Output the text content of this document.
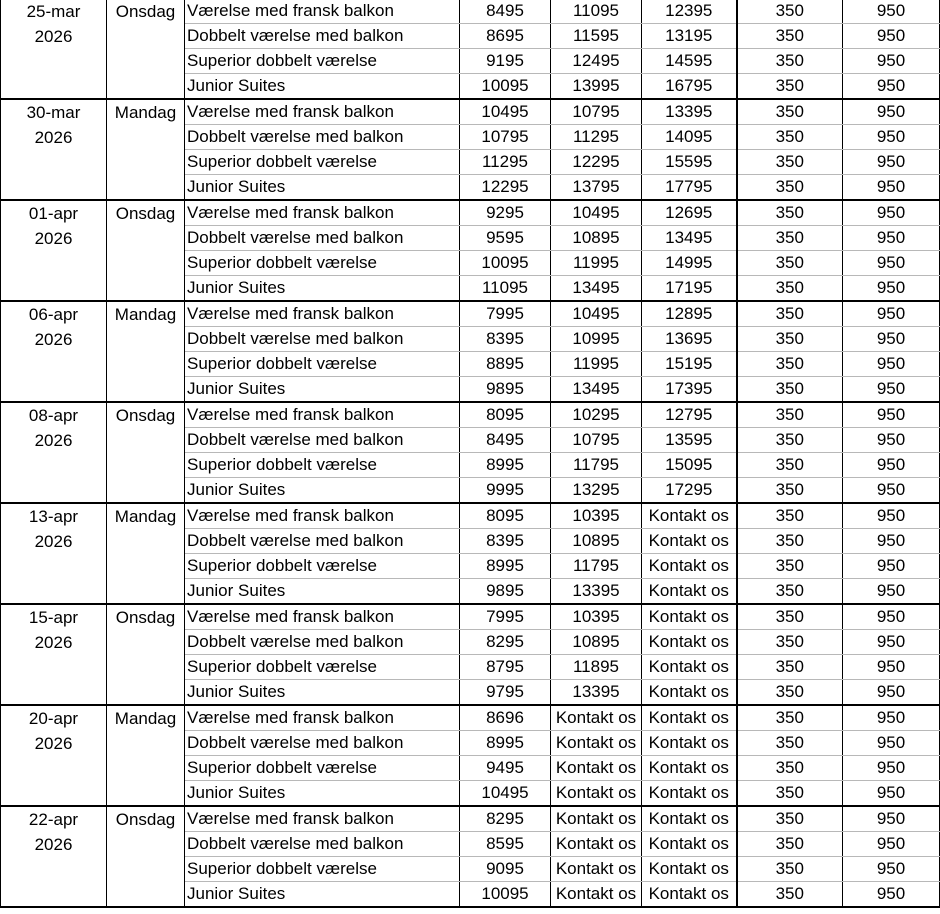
25-mar
2026	Onsdag	Værelse med fransk balkon	8495	11095	12395	350	950
		Dobbelt værelse med balkon	8695	11595	13195	350	950
		Superior dobbelt værelse	9195	12495	14595	350	950
		Junior Suites	10095	13995	16795	350	950

30-mar
2026	Mandag	Værelse med fransk balkon	10495	10795	13395	350	950
		Dobbelt værelse med balkon	10795	11295	14095	350	950
		Superior dobbelt værelse	11295	12295	15595	350	950
		Junior Suites	12295	13795	17795	350	950

01-apr
2026	Onsdag	Værelse med fransk balkon	9295	10495	12695	350	950
		Dobbelt værelse med balkon	9595	10895	13495	350	950
		Superior dobbelt værelse	10095	11995	14995	350	950
		Junior Suites	11095	13495	17195	350	950

06-apr
2026	Mandag	Værelse med fransk balkon	7995	10495	12895	350	950
		Dobbelt værelse med balkon	8395	10995	13695	350	950
		Superior dobbelt værelse	8895	11995	15195	350	950
		Junior Suites	9895	13495	17395	350	950

08-apr
2026	Onsdag	Værelse med fransk balkon	8095	10295	12795	350	950
		Dobbelt værelse med balkon	8495	10795	13595	350	950
		Superior dobbelt værelse	8995	11795	15095	350	950
		Junior Suites	9995	13295	17295	350	950

13-apr
2026	Mandag	Værelse med fransk balkon	8095	10395	Kontakt os	350	950
		Dobbelt værelse med balkon	8395	10895	Kontakt os	350	950
		Superior dobbelt værelse	8995	11795	Kontakt os	350	950
		Junior Suites	9895	13395	Kontakt os	350	950

15-apr
2026	Onsdag	Værelse med fransk balkon	7995	10395	Kontakt os	350	950
		Dobbelt værelse med balkon	8295	10895	Kontakt os	350	950
		Superior dobbelt værelse	8795	11895	Kontakt os	350	950
		Junior Suites	9795	13395	Kontakt os	350	950

20-apr
2026	Mandag	Værelse med fransk balkon	8696	Kontakt os	Kontakt os	350	950
		Dobbelt værelse med balkon	8995	Kontakt os	Kontakt os	350	950
		Superior dobbelt værelse	9495	Kontakt os	Kontakt os	350	950
		Junior Suites	10495	Kontakt os	Kontakt os	350	950

22-apr
2026	Onsdag	Værelse med fransk balkon	8295	Kontakt os	Kontakt os	350	950
		Dobbelt værelse med balkon	8595	Kontakt os	Kontakt os	350	950
		Superior dobbelt værelse	9095	Kontakt os	Kontakt os	350	950
		Junior Suites	10095	Kontakt os	Kontakt os	350	950
